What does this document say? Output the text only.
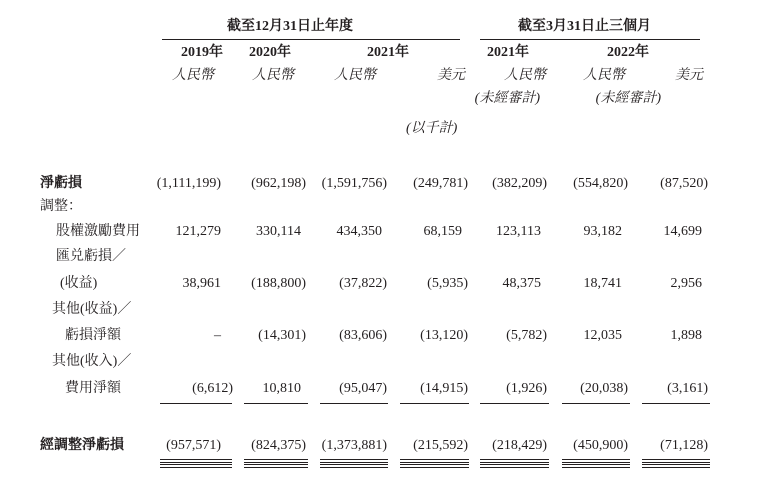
截至12月31日止年度	截至3月31日止三個月
2019年 2020年	2021年	2021年	2022年
人民幣	人民幣	人民幣	美元	人民幣	人民幣	美元
(未經審計)	(未經審計)
(以千計)
淨虧損	(1,111,199) (962,198) (1,591,756) (249,781) (382,209) (554,820) (87,520)
調整：
股權激勵費用	121,279	330,114	434,350	68,159 123,113	93,182	14,699
匯兑虧損／
(收益)	38,961 (188,800) (37,822)	(5,935) 48,375	18,741	2,956
其他(收益)／
虧損淨額	–	(14,301) (83,606) (13,120)	(5,782)	12,035	1,898
其他(收入)／
費用淨額	(6,612) 10,810	(95,047) (14,915)	(1,926) (20,038)	(3,161)
經調整淨虧損	(957,571) (824,375) (1,373,881) (215,592) (218,429) (450,900) (71,128)
